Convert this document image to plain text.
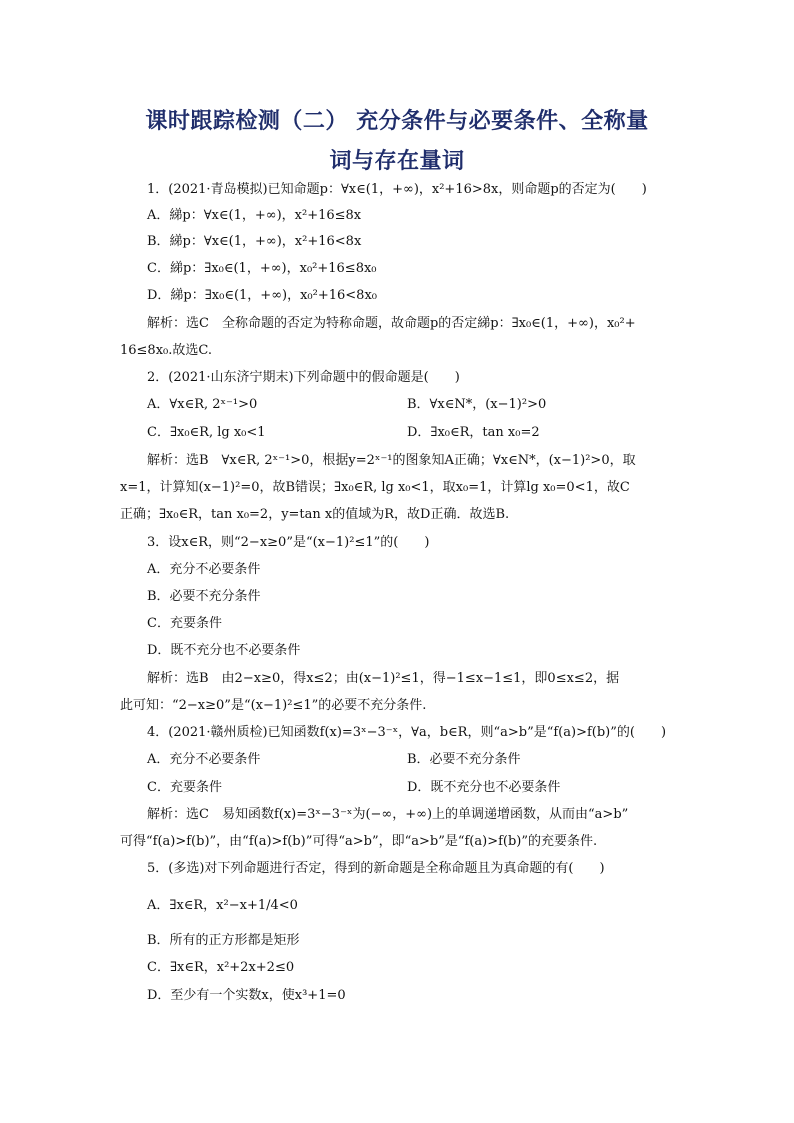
课时跟踪检测（二） 充分条件与必要条件、全称量
词与存在量词
1．(2021·青岛模拟)已知命题p：∀x∈(1，+∞)，x²+16>8x，则命题p的否定为(　　)
A．綈p：∀x∈(1，+∞)，x²+16≤8x
B．綈p：∀x∈(1，+∞)，x²+16<8x
C．綈p：∃x₀∈(1，+∞)，x₀²+16≤8x₀
D．綈p：∃x₀∈(1，+∞)，x₀²+16<8x₀
解析：选C　全称命题的否定为特称命题，故命题p的否定綈p：∃x₀∈(1，+∞)，x₀²+
16≤8x₀.故选C.
2．(2021·山东济宁期末)下列命题中的假命题是(　　)
A．∀x∈R, 2ˣ⁻¹>0	B．∀x∈N*，(x−1)²>0
C．∃x₀∈R, lg x₀<1	D．∃x₀∈R，tan x₀=2
解析：选B　∀x∈R, 2ˣ⁻¹>0，根据y=2ˣ⁻¹的图象知A正确；∀x∈N*，(x−1)²>0，取
x=1，计算知(x−1)²=0，故B错误；∃x₀∈R, lg x₀<1，取x₀=1，计算lg x₀=0<1，故C
正确；∃x₀∈R，tan x₀=2，y=tan x的值域为R，故D正确．故选B.
3．设x∈R，则“2−x≥0”是“(x−1)²≤1”的(　　)
A．充分不必要条件
B．必要不充分条件
C．充要条件
D．既不充分也不必要条件
解析：选B　由2−x≥0，得x≤2；由(x−1)²≤1，得−1≤x−1≤1，即0≤x≤2，据
此可知：“2−x≥0”是“(x−1)²≤1”的必要不充分条件.
4．(2021·赣州质检)已知函数f(x)=3ˣ−3⁻ˣ，∀a，b∈R，则“a>b”是“f(a)>f(b)”的(　　)
A．充分不必要条件	B．必要不充分条件
C．充要条件	D．既不充分也不必要条件
解析：选C　易知函数f(x)=3ˣ−3⁻ˣ为(−∞，+∞)上的单调递增函数，从而由“a>b”
可得“f(a)>f(b)”，由“f(a)>f(b)”可得“a>b”，即“a>b”是“f(a)>f(b)”的充要条件.
5．(多选)对下列命题进行否定，得到的新命题是全称命题且为真命题的有(　　)
A．∃x∈R，x²−x+1/4<0
B．所有的正方形都是矩形
C．∃x∈R，x²+2x+2≤0
D．至少有一个实数x，使x³+1=0
